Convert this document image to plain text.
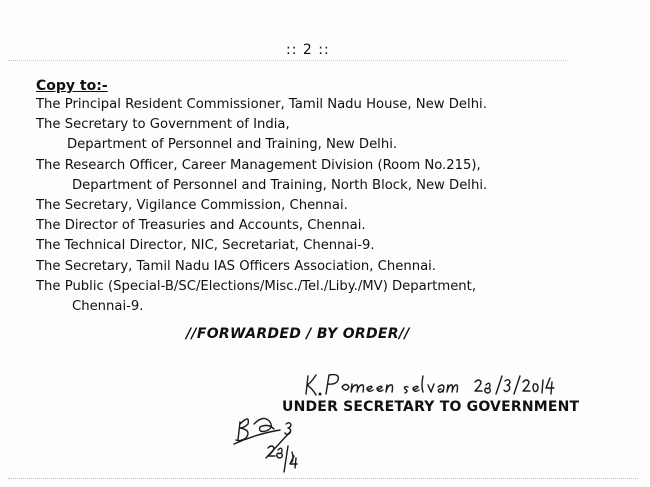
:: 2 ::
Copy to:-
The Principal Resident Commissioner, Tamil Nadu House, New Delhi.
The Secretary to Government of India,
Department of Personnel and Training, New Delhi.
The Research Officer, Career Management Division (Room No.215),
Department of Personnel and Training, North Block, New Delhi.
The Secretary, Vigilance Commission, Chennai.
The Director of Treasuries and Accounts, Chennai.
The Technical Director, NIC, Secretariat, Chennai-9.
The Secretary, Tamil Nadu IAS Officers Association, Chennai.
The Public (Special-B/SC/Elections/Misc./Tel./Liby./MV) Department,
Chennai-9.
//FORWARDED / BY ORDER//
UNDER SECRETARY TO GOVERNMENT
